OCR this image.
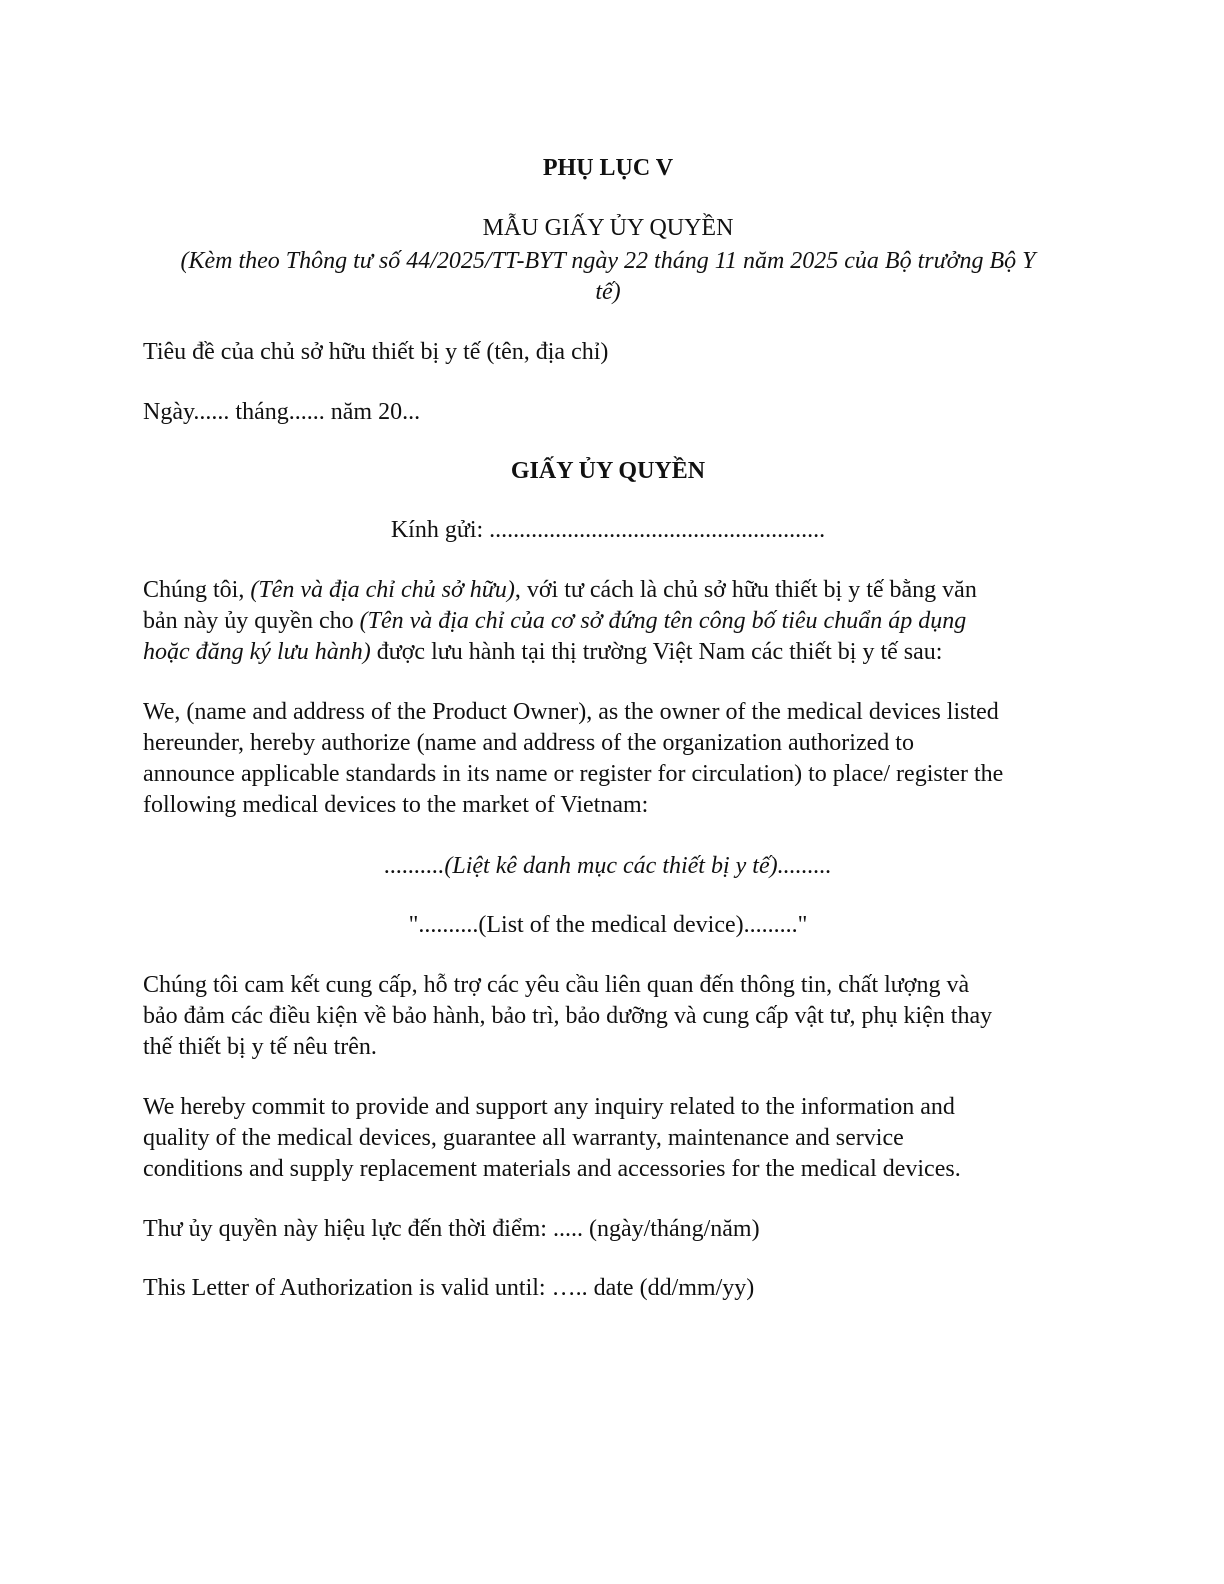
PHỤ LỤC V
MẪU GIẤY ỦY QUYỀN
(Kèm theo Thông tư số 44/2025/TT-BYT ngày 22 tháng 11 năm 2025 của Bộ trưởng Bộ Y
tế)
Tiêu đề của chủ sở hữu thiết bị y tế (tên, địa chỉ)
Ngày...... tháng...... năm 20...
GIẤY ỦY QUYỀN
Kính gửi: ........................................................
Chúng tôi, (Tên và địa chỉ chủ sở hữu), với tư cách là chủ sở hữu thiết bị y tế bằng văn
bản này ủy quyền cho (Tên và địa chỉ của cơ sở đứng tên công bố tiêu chuẩn áp dụng
hoặc đăng ký lưu hành) được lưu hành tại thị trường Việt Nam các thiết bị y tế sau:
We, (name and address of the Product Owner), as the owner of the medical devices listed
hereunder, hereby authorize (name and address of the organization authorized to
announce applicable standards in its name or register for circulation) to place/ register the
following medical devices to the market of Vietnam:
..........(Liệt kê danh mục các thiết bị y tế).........
"..........(List of the medical device)........."
Chúng tôi cam kết cung cấp, hỗ trợ các yêu cầu liên quan đến thông tin, chất lượng và
bảo đảm các điều kiện về bảo hành, bảo trì, bảo dưỡng và cung cấp vật tư, phụ kiện thay
thế thiết bị y tế nêu trên.
We hereby commit to provide and support any inquiry related to the information and
quality of the medical devices, guarantee all warranty, maintenance and service
conditions and supply replacement materials and accessories for the medical devices.
Thư ủy quyền này hiệu lực đến thời điểm: ..... (ngày/tháng/năm)
This Letter of Authorization is valid until: ….. date (dd/mm/yy)
